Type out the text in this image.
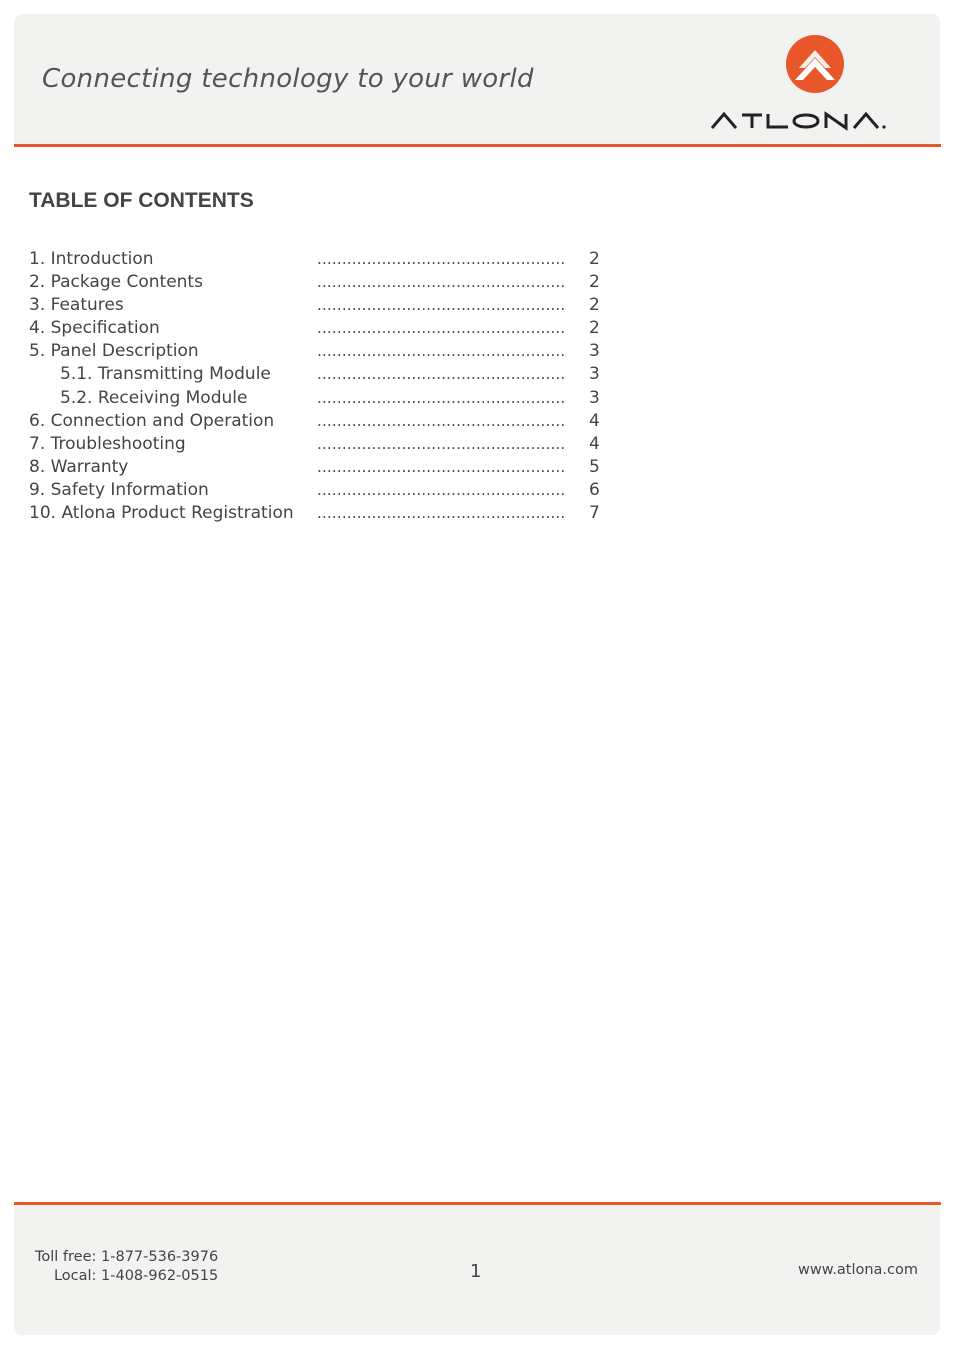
Connecting technology to your world
TABLE OF CONTENTS
1. Introduction	..................................................	2
2. Package Contents	..................................................	2
3. Features	..................................................	2
4. Specification	..................................................	2
5. Panel Description	..................................................	3
5.1. Transmitting Module	..................................................	3
5.2. Receiving Module	..................................................	3
6. Connection and Operation	..................................................	4
7. Troubleshooting	..................................................	4
8. Warranty	..................................................	5
9. Safety Information	..................................................	6
10. Atlona Product Registration ..................................................	7
Toll free: 1-877-536-3976
Local: 1-408-962-0515	1	www.atlona.com
